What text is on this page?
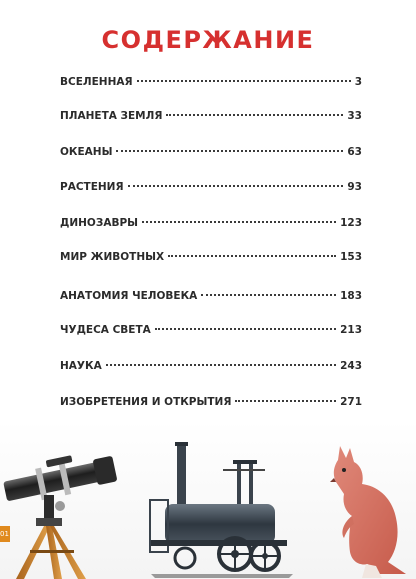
СОДЕРЖАНИЕ
ВСЕЛЕННАЯ	3
ПЛАНЕТА ЗЕМЛЯ	33
ОКЕАНЫ	63
РАСТЕНИЯ	93
ДИНОЗАВРЫ	123
МИР ЖИВОТНЫХ	153
АНАТОМИЯ ЧЕЛОВЕКА	183
ЧУДЕСА СВЕТА	213
НАУКА	243
ИЗОБРЕТЕНИЯ И ОТКРЫТИЯ	271
01
